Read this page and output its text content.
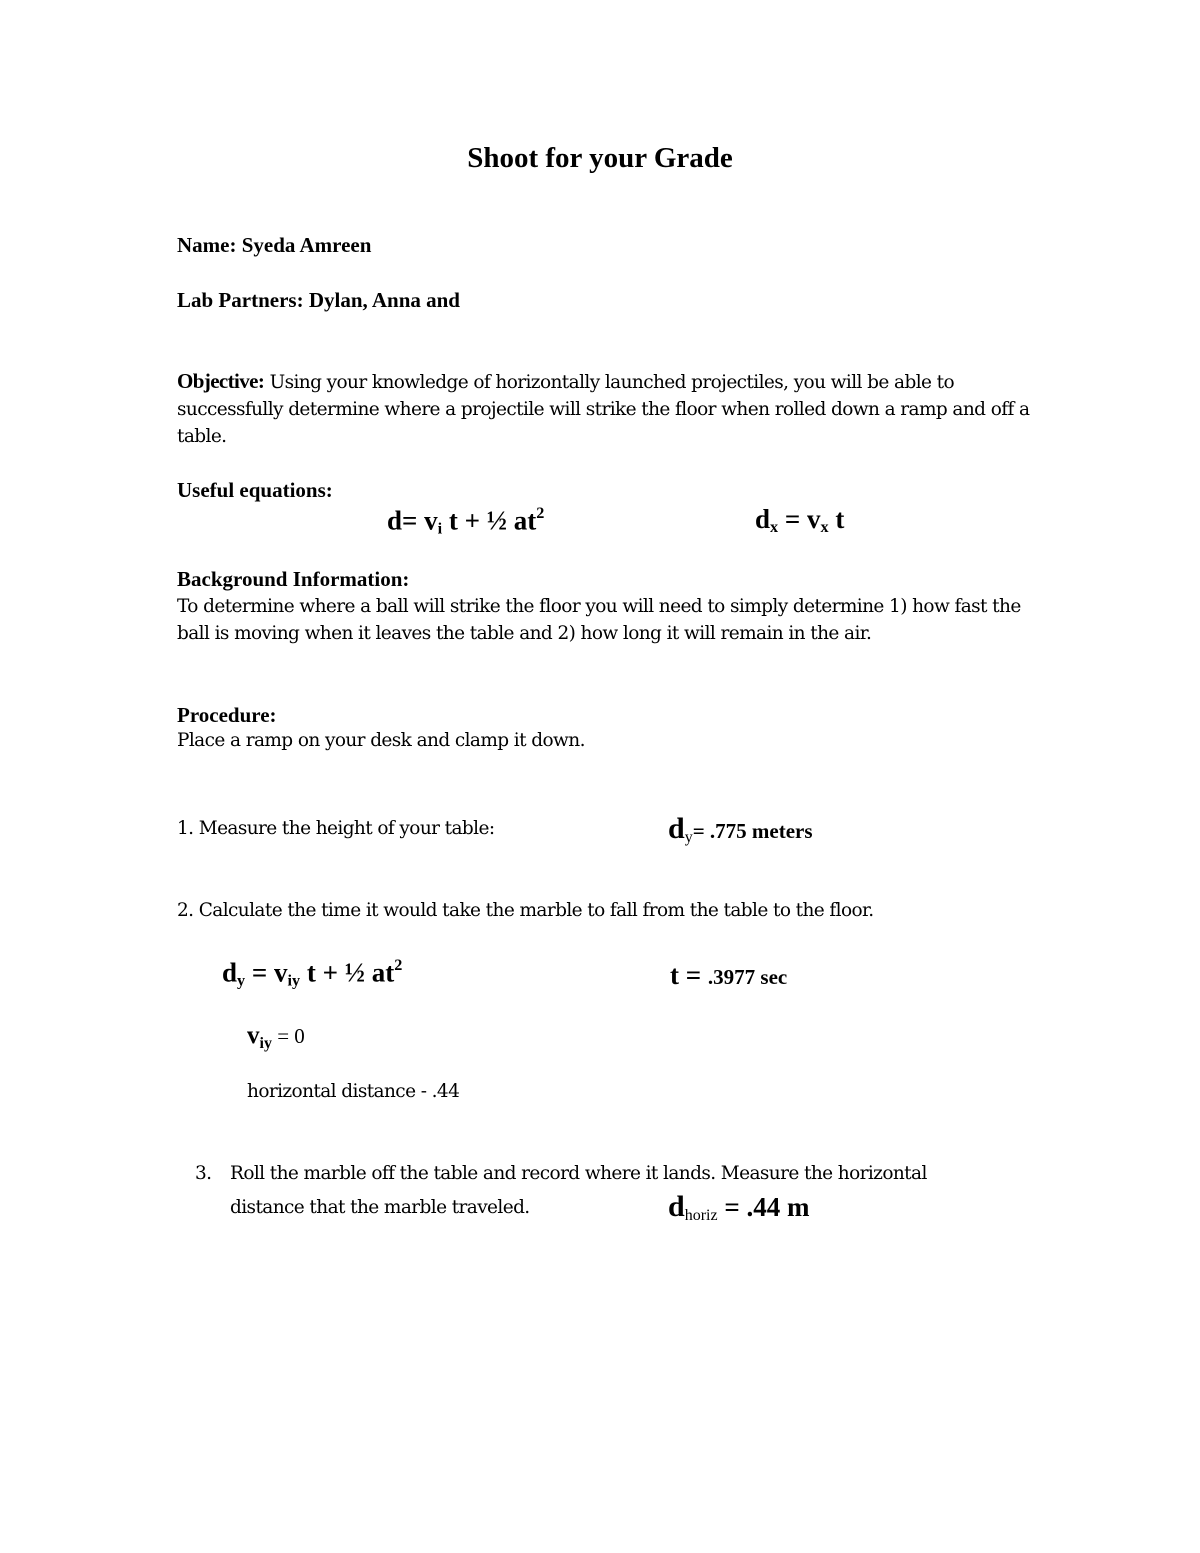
Shoot for your Grade
Name: Syeda Amreen
Lab Partners: Dylan, Anna and
Objective: Using your knowledge of horizontally launched projectiles, you will be able to successfully determine where a projectile will strike the floor when rolled down a ramp and off a table.
Useful equations:
$d= v_i$ t + ½ $at^2$	$d_x = v_x$ t
Background Information:
To determine where a ball will strike the floor you will need to simply determine 1) how fast the ball is moving when it leaves the table and 2) how long it will remain in the air.
Procedure:
Place a ramp on your desk and clamp it down.
1. Measure the height of your table:	dy= .775 meters
2. Calculate the time it would take the marble to fall from the table to the floor.
$d_y = v_{iy}$ t + ½ $at^2$	t = .3977 sec
viy = 0
horizontal distance - .44
3. Roll the marble off the table and record where it lands. Measure the horizontal
distance that the marble traveled.	dhoriz = .44 m
